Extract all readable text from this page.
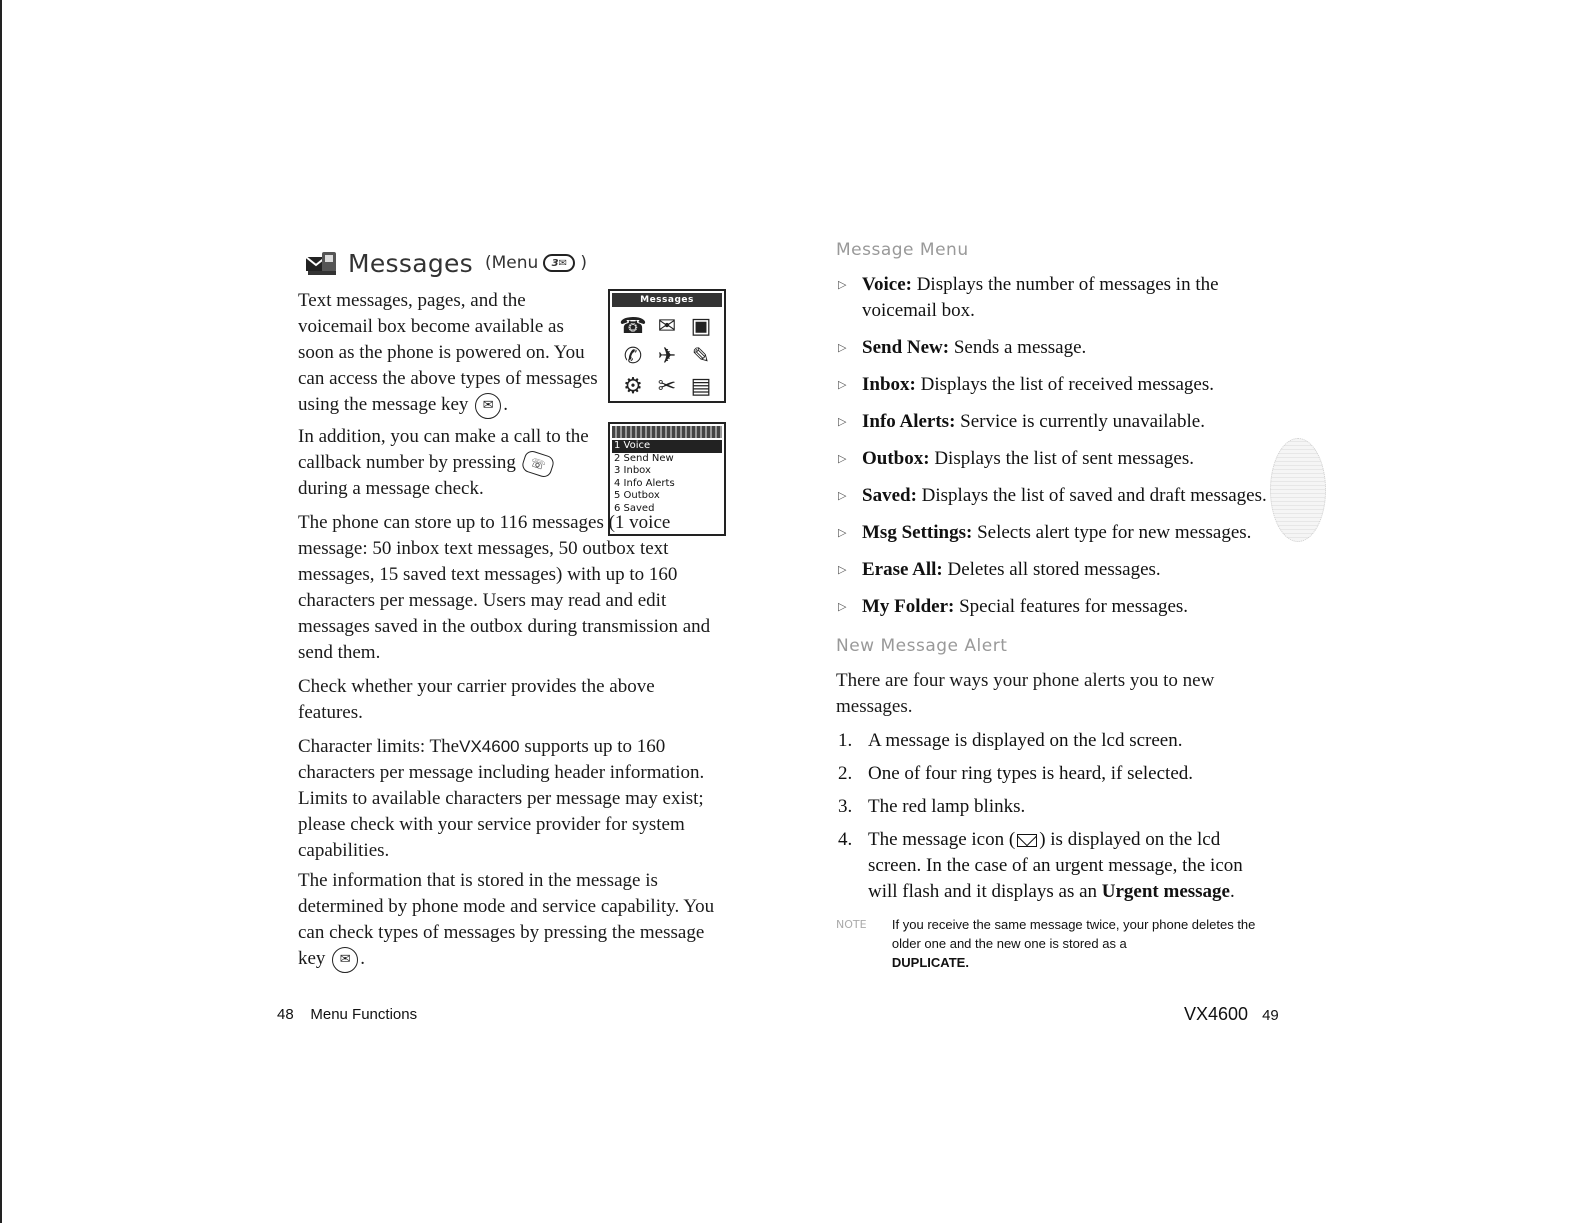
Messages (Menu 3 ✉ )
Messages
☎ ✉ ▣
✆ ✈ ✎
⚙ ✂ ▤
1 Voice
2 Send New
3 Inbox
4 Info Alerts
5 Outbox
6 Saved

Text messages, pages, and the voicemail box become available as soon as the phone is powered on. You can access the above types of messages using the message key ✉ .

In addition, you can make a call to the callback number by pressing ☏ during a message check.

The phone can store up to 116 messages (1 voice message: 50 inbox text messages, 50 outbox text messages, 15 saved text messages) with up to 160 characters per message. Users may read and edit messages saved in the outbox during transmission and send them.

Check whether your carrier provides the above features.

Character limits: TheVX4600 supports up to 160 characters per message including header information. Limits to available characters per message may exist; please check with your service provider for system capabilities.

The information that is stored in the message is determined by phone mode and service capability. You can check types of messages by pressing the message key ✉ .

48 Menu Functions
Message Menu
▷ Voice: Displays the number of messages in the voicemail box.
▷ Send New: Sends a message.
▷ Inbox: Displays the list of received messages.
▷ Info Alerts: Service is currently unavailable.
▷ Outbox: Displays the list of sent messages.
▷ Saved: Displays the list of saved and draft messages.
▷ Msg Settings: Selects alert type for new messages.
▷ Erase All: Deletes all stored messages.
▷ My Folder: Special features for messages.
New Message Alert

There are four ways your phone alerts you to new messages.

1. A message is displayed on the lcd screen.
2. One of four ring types is heard, if selected.
3. The red lamp blinks.
4. The message icon ( ) is displayed on the lcd screen. In the case of an urgent message, the icon will flash and it displays as an Urgent message.
NOTE If you receive the same message twice, your phone deletes the older one and the new one is stored as a
DUPLICATE.
VX4600 49
